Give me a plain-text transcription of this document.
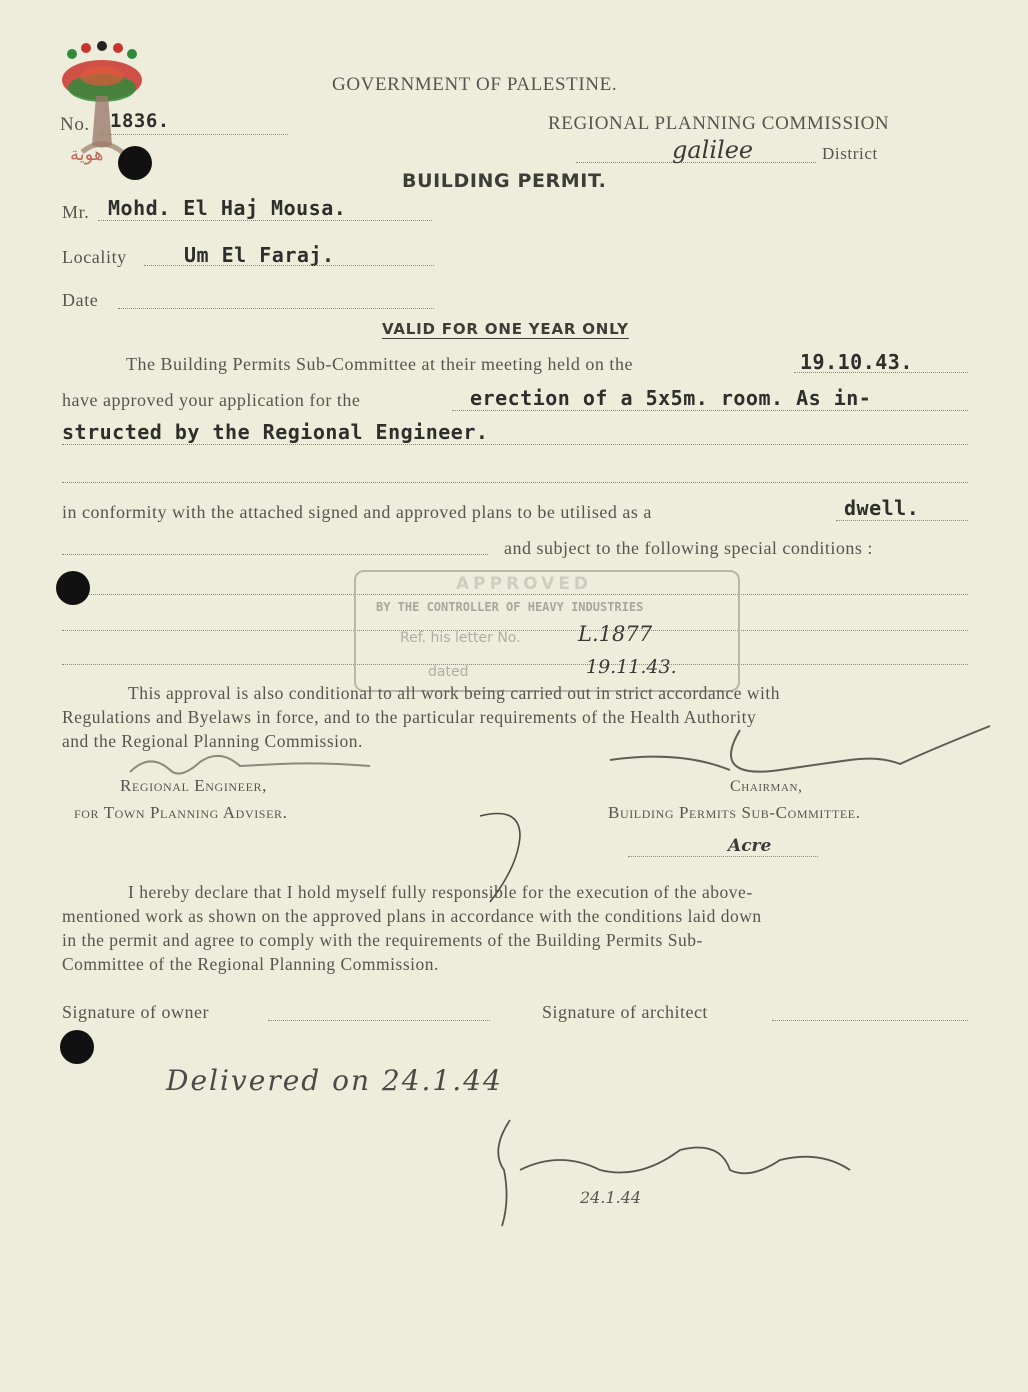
هوية
GOVERNMENT OF PALESTINE.
REGIONAL PLANNING COMMISSION
galilee	District
BUILDING PERMIT.
No. 1836.
Mr. Mohd. El Haj Mousa.
Locality	Um El Faraj.
Date
VALID FOR ONE YEAR ONLY
The Building Permits Sub-Committee at their meeting held on the	19.10.43.
have approved your application for the	erection of a 5x5m. room. As in-
structed by the Regional Engineer.
in conformity with the attached signed and approved plans to be utilised as a	dwell.
and subject to the following special conditions :
APPROVED
BY THE CONTROLLER OF HEAVY INDUSTRIES
Ref. his letter No.	L.1877
dated	19.11.43.
This approval is also conditional to all work being carried out in strict accordance with
Regulations and Byelaws in force, and to the particular requirements of the Health Authority
and the Regional Planning Commission.
Regional Engineer,
for Town Planning Adviser.
Chairman,
Building Permits Sub-Committee.
Acre
I hereby declare that I hold myself fully responsible for the execution of the above-
mentioned work as shown on the approved plans in accordance with the conditions laid down
in the permit and agree to comply with the requirements of the Building Permits Sub-
Committee of the Regional Planning Commission.
Signature of owner	Signature of architect
Delivered on 24.1.44
24.1.44
